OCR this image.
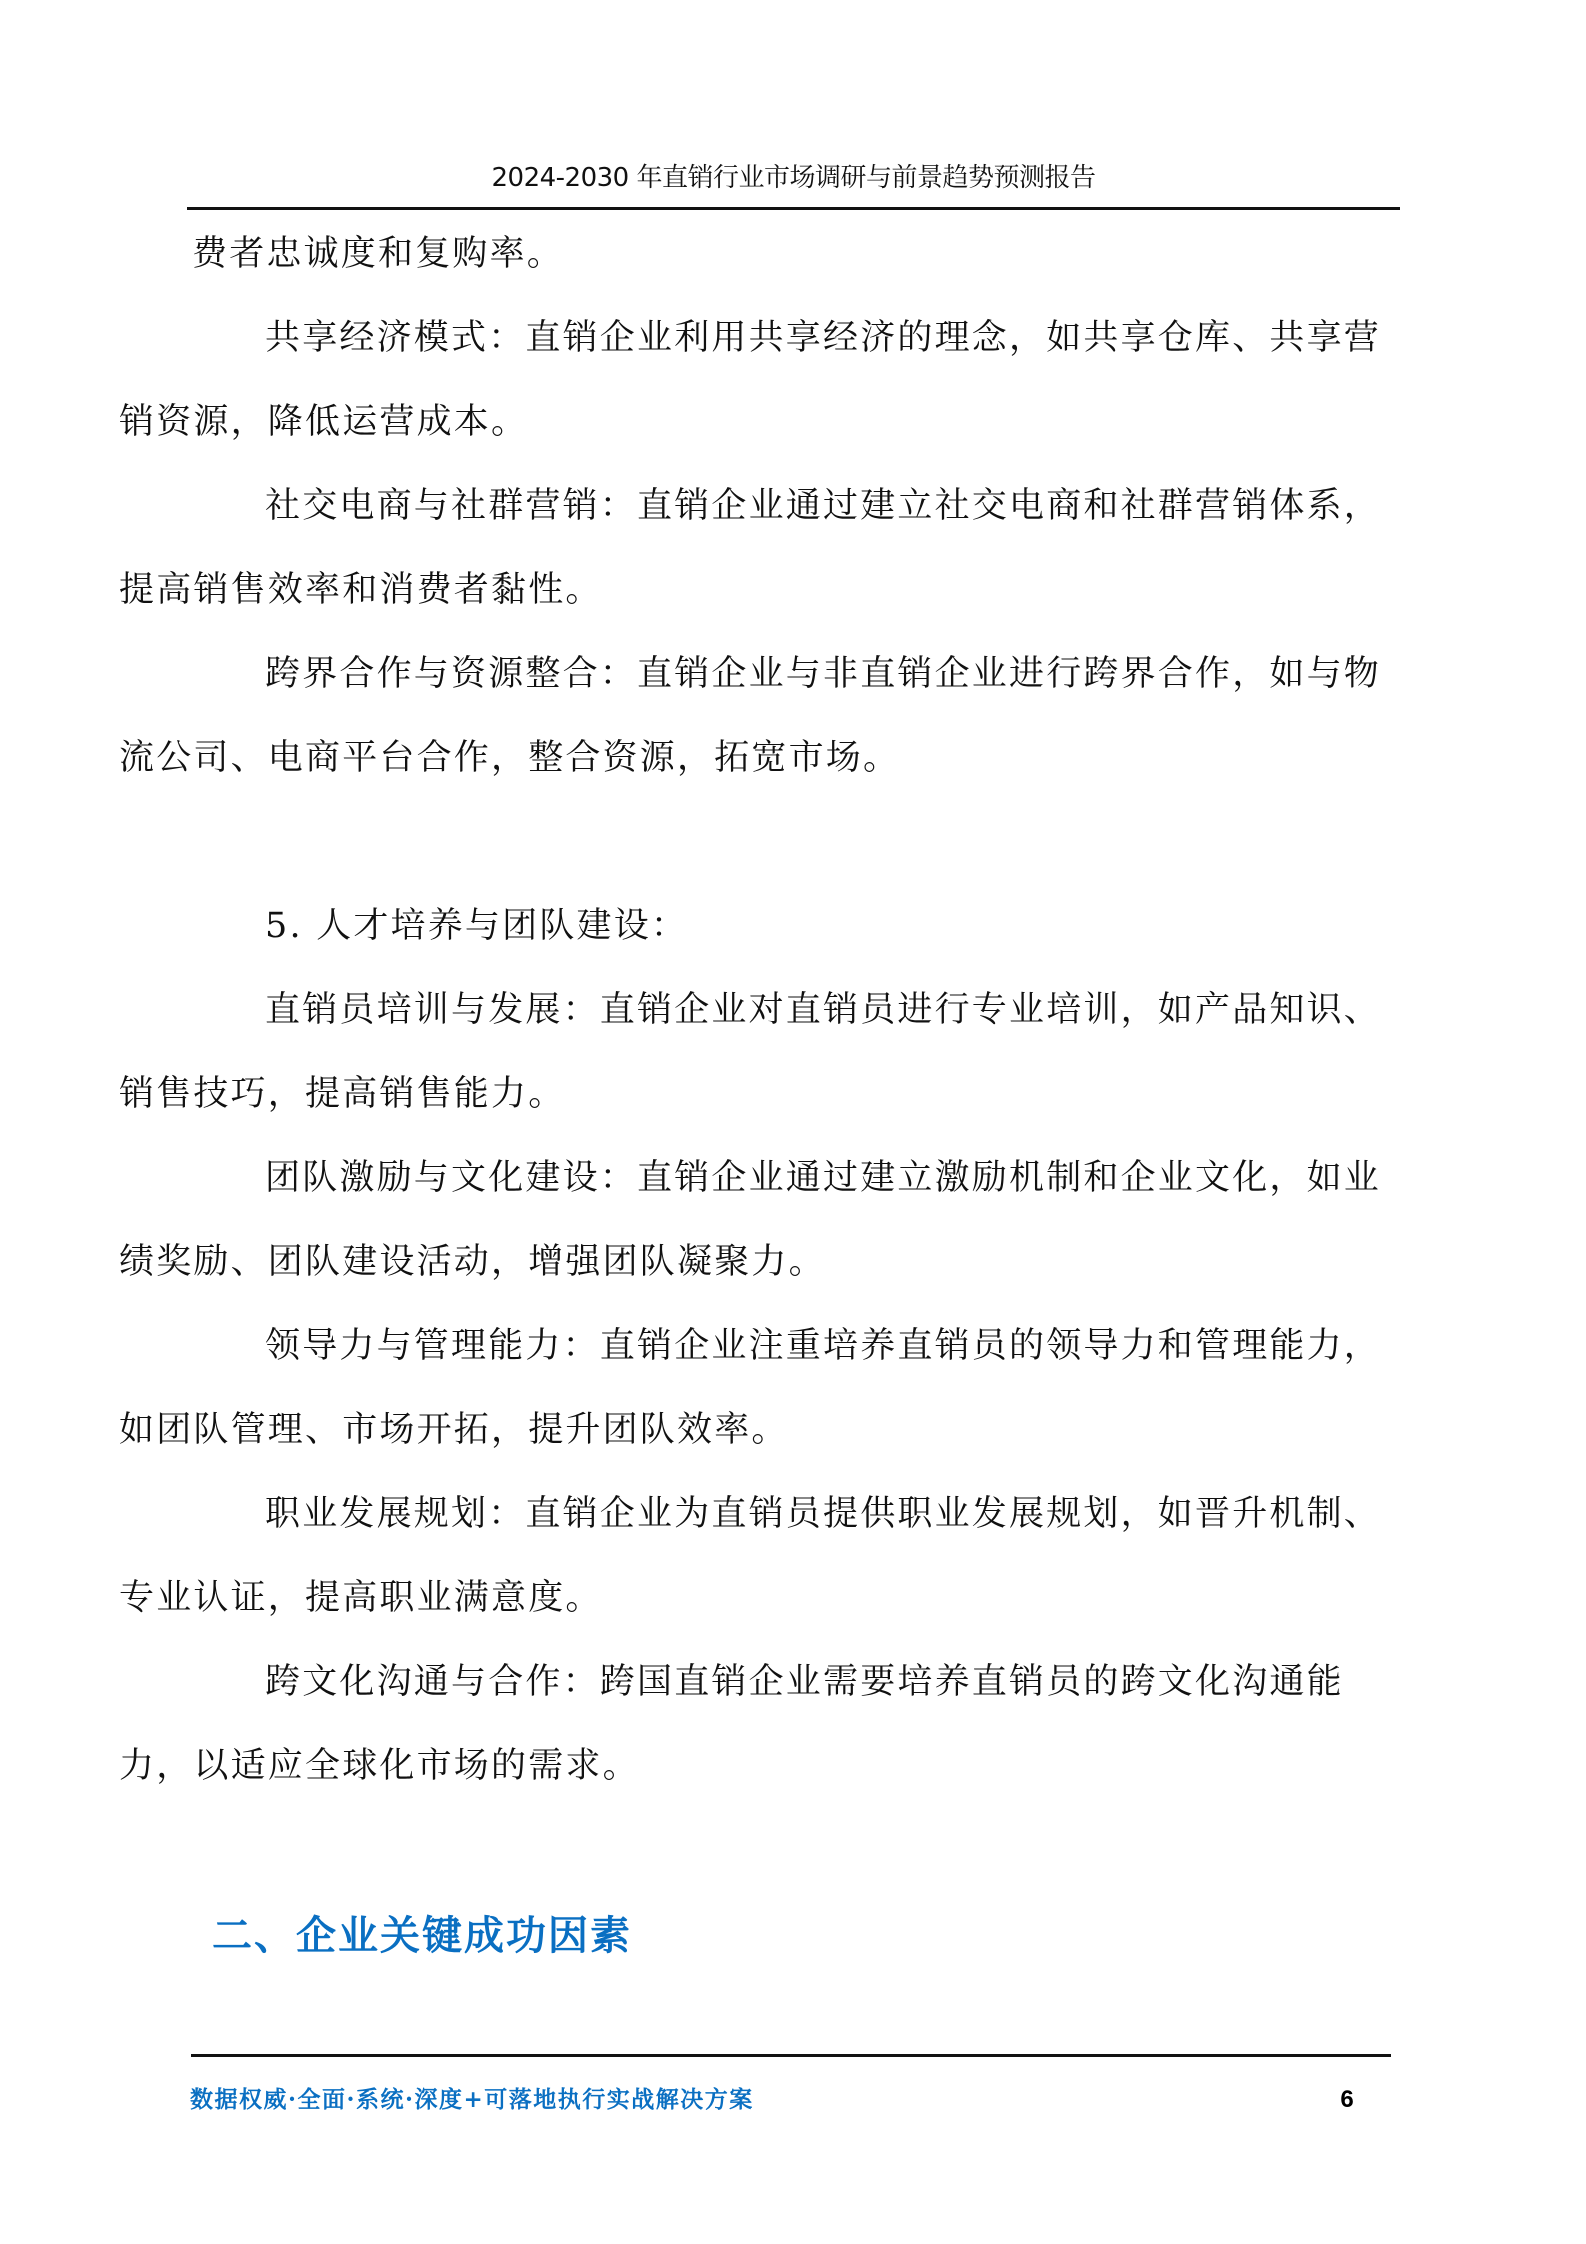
2024-2030 年直销行业市场调研与前景趋势预测报告

费者忠诚度和复购率。

共享经济模式：直销企业利用共享经济的理念，如共享仓库、共享营
销资源，降低运营成本。

社交电商与社群营销：直销企业通过建立社交电商和社群营销体系，
提高销售效率和消费者黏性。

跨界合作与资源整合：直销企业与非直销企业进行跨界合作，如与物
流公司、电商平台合作，整合资源，拓宽市场。

5. 人才培养与团队建设：

直销员培训与发展：直销企业对直销员进行专业培训，如产品知识、
销售技巧，提高销售能力。

团队激励与文化建设：直销企业通过建立激励机制和企业文化，如业
绩奖励、团队建设活动，增强团队凝聚力。

领导力与管理能力：直销企业注重培养直销员的领导力和管理能力，
如团队管理、市场开拓，提升团队效率。

职业发展规划：直销企业为直销员提供职业发展规划，如晋升机制、
专业认证，提高职业满意度。

跨文化沟通与合作：跨国直销企业需要培养直销员的跨文化沟通能
力，以适应全球化市场的需求。

二、企业关键成功因素
数据权威·全面·系统·深度+可落地执行实战解决方案	6
